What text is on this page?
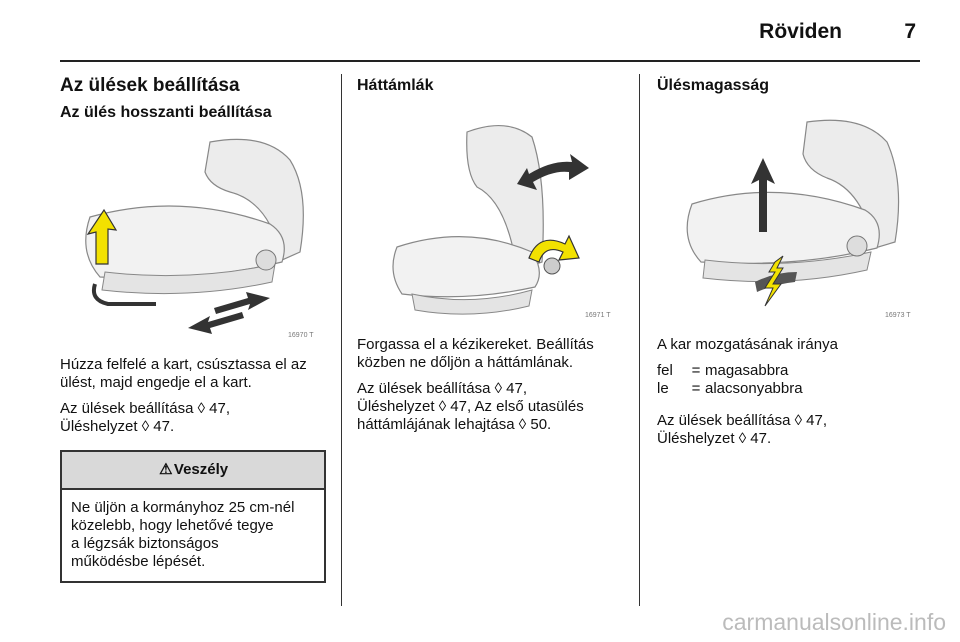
Röviden	7
Az ülések beállítása
Az ülés hosszanti beállítása
16970 T

Húzza felfelé a kart, csúsztassa el az ülést, majd engedje el a kart.

Az ülések beállítása ◊ 47,

Üléshelyzet ◊ 47.

⚠Veszély

Ne üljön a kormányhoz 25 cm-nél

közelebb, hogy lehetővé tegye

a légzsák biztonságos

működésbe lépését.

Háttámlák
16971 T

Forgassa el a kézikereket. Beállítás

közben ne dőljön a háttámlának.

Az ülések beállítása ◊ 47,

Üléshelyzet ◊ 47, Az első utasülés

háttámlájának lehajtása ◊ 50.

Ülésmagasság
16973 T

A kar mozgatásának iránya

fel	=	magasabbra
le	=	alacsonyabbra

Az ülések beállítása ◊ 47,

Üléshelyzet ◊ 47.

carmanualsonline.info
